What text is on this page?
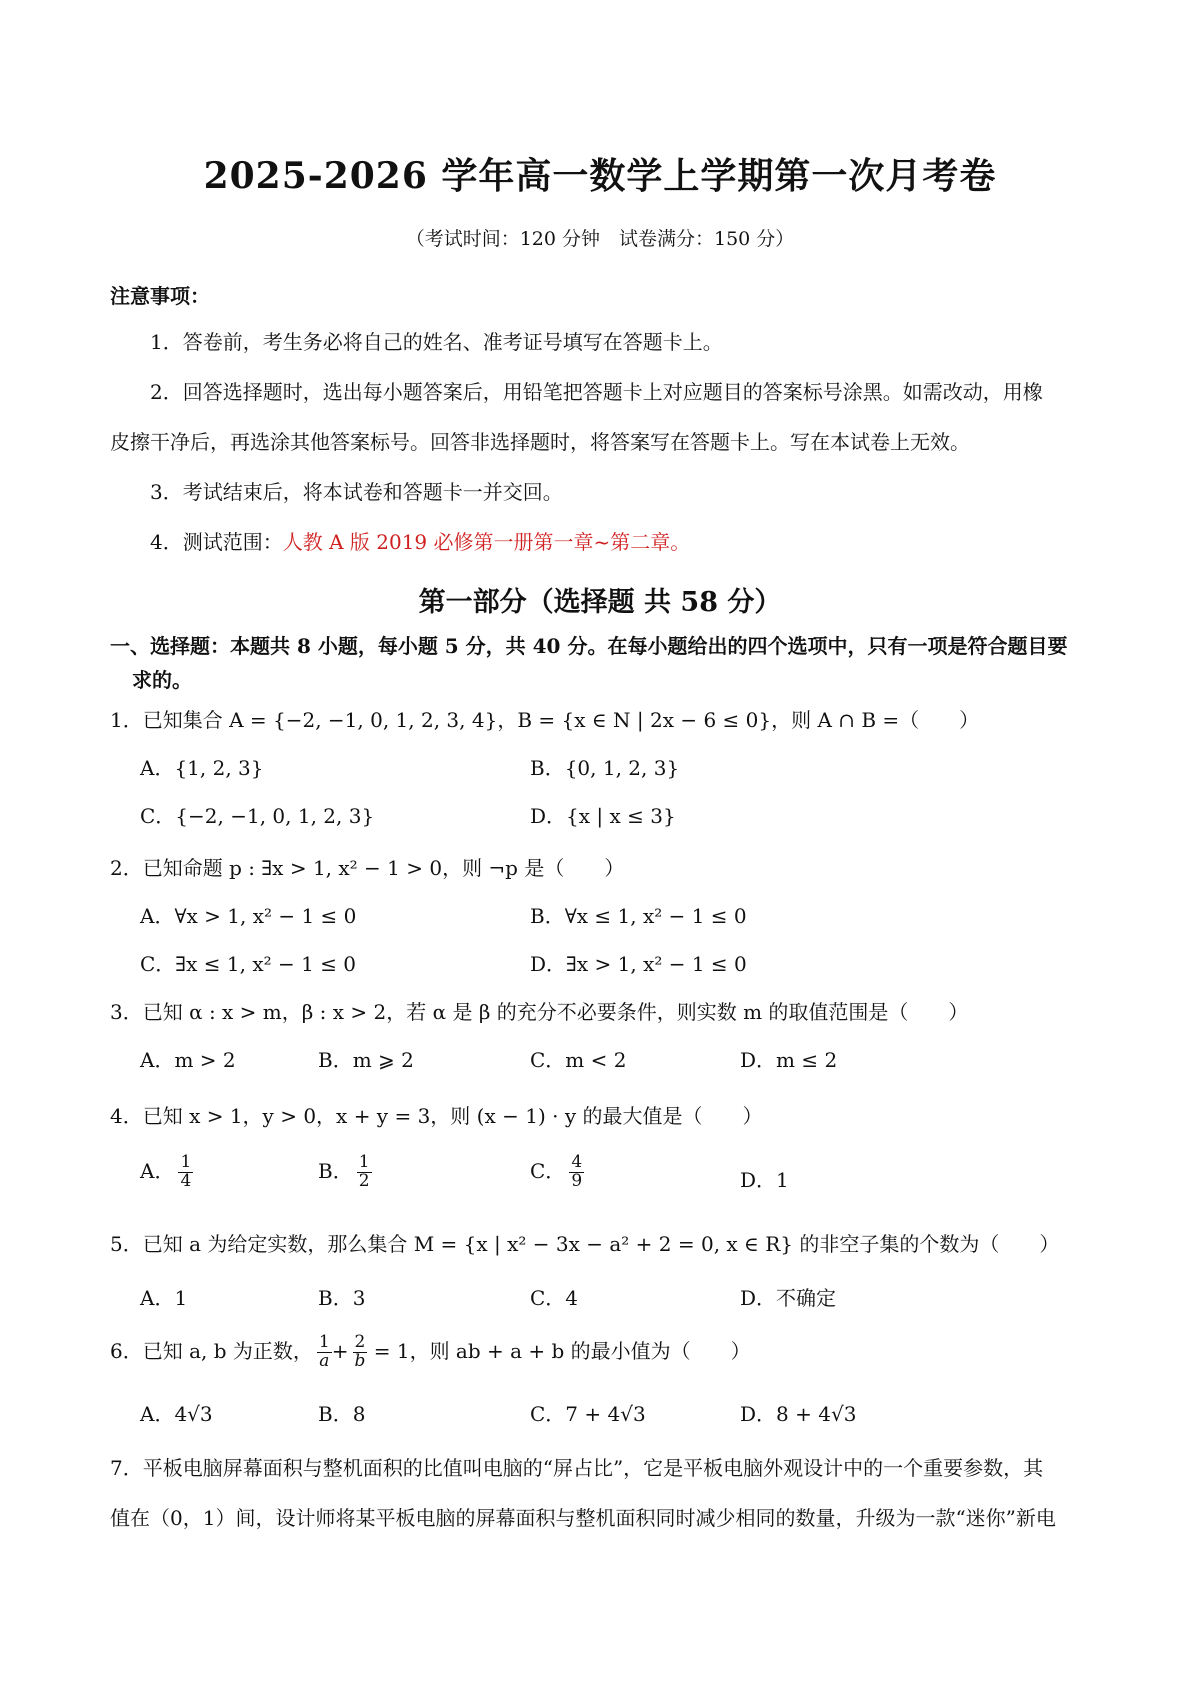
2025-2026 学年高一数学上学期第一次月考卷
（考试时间：120 分钟　试卷满分：150 分）
注意事项：
1．答卷前，考生务必将自己的姓名、准考证号填写在答题卡上。
2．回答选择题时，选出每小题答案后，用铅笔把答题卡上对应题目的答案标号涂黑。如需改动，用橡
皮擦干净后，再选涂其他答案标号。回答非选择题时，将答案写在答题卡上。写在本试卷上无效。
3．考试结束后，将本试卷和答题卡一并交回。
4．测试范围：人教 A 版 2019 必修第一册第一章~第二章。
第一部分（选择题 共 58 分）
一、选择题：本题共 8 小题，每小题 5 分，共 40 分。在每小题给出的四个选项中，只有一项是符合题目要
求的。
1．已知集合 A = {−2, −1, 0, 1, 2, 3, 4}，B = {x ∈ N | 2x − 6 ≤ 0}，则 A ∩ B =（　　）
A．{1, 2, 3}	B．{0, 1, 2, 3}
C．{−2, −1, 0, 1, 2, 3}	D．{x | x ≤ 3}
2．已知命题 p : ∃x > 1, x² − 1 > 0，则 ¬p 是（　　）
A．∀x > 1, x² − 1 ≤ 0	B．∀x ≤ 1, x² − 1 ≤ 0
C．∃x ≤ 1, x² − 1 ≤ 0	D．∃x > 1, x² − 1 ≤ 0
3．已知 α : x > m，β : x > 2，若 α 是 β 的充分不必要条件，则实数 m 的取值范围是（　　）
A．m > 2	B．m ⩾ 2	C．m < 2	D．m ≤ 2
4．已知 x > 1，y > 0，x + y = 3，则 (x − 1) · y 的最大值是（　　）
A． $\frac{1}{4}$	B． $\frac{1}{2}$	C． $\frac{4}{9}$	D．1
5．已知 a 为给定实数，那么集合 M = {x | x² − 3x − a² + 2 = 0, x ∈ R} 的非空子集的个数为（　　）
A．1	B．3	C．4	D．不确定
6．已知 a, b 为正数， $\frac{1}{a} + \frac{2}{b} = 1$，则 ab + a + b 的最小值为（　　）
A．4√3	B．8	C．7 + 4√3	D．8 + 4√3
7．平板电脑屏幕面积与整机面积的比值叫电脑的“屏占比”，它是平板电脑外观设计中的一个重要参数，其
值在（0，1）间，设计师将某平板电脑的屏幕面积与整机面积同时减少相同的数量，升级为一款“迷你”新电
